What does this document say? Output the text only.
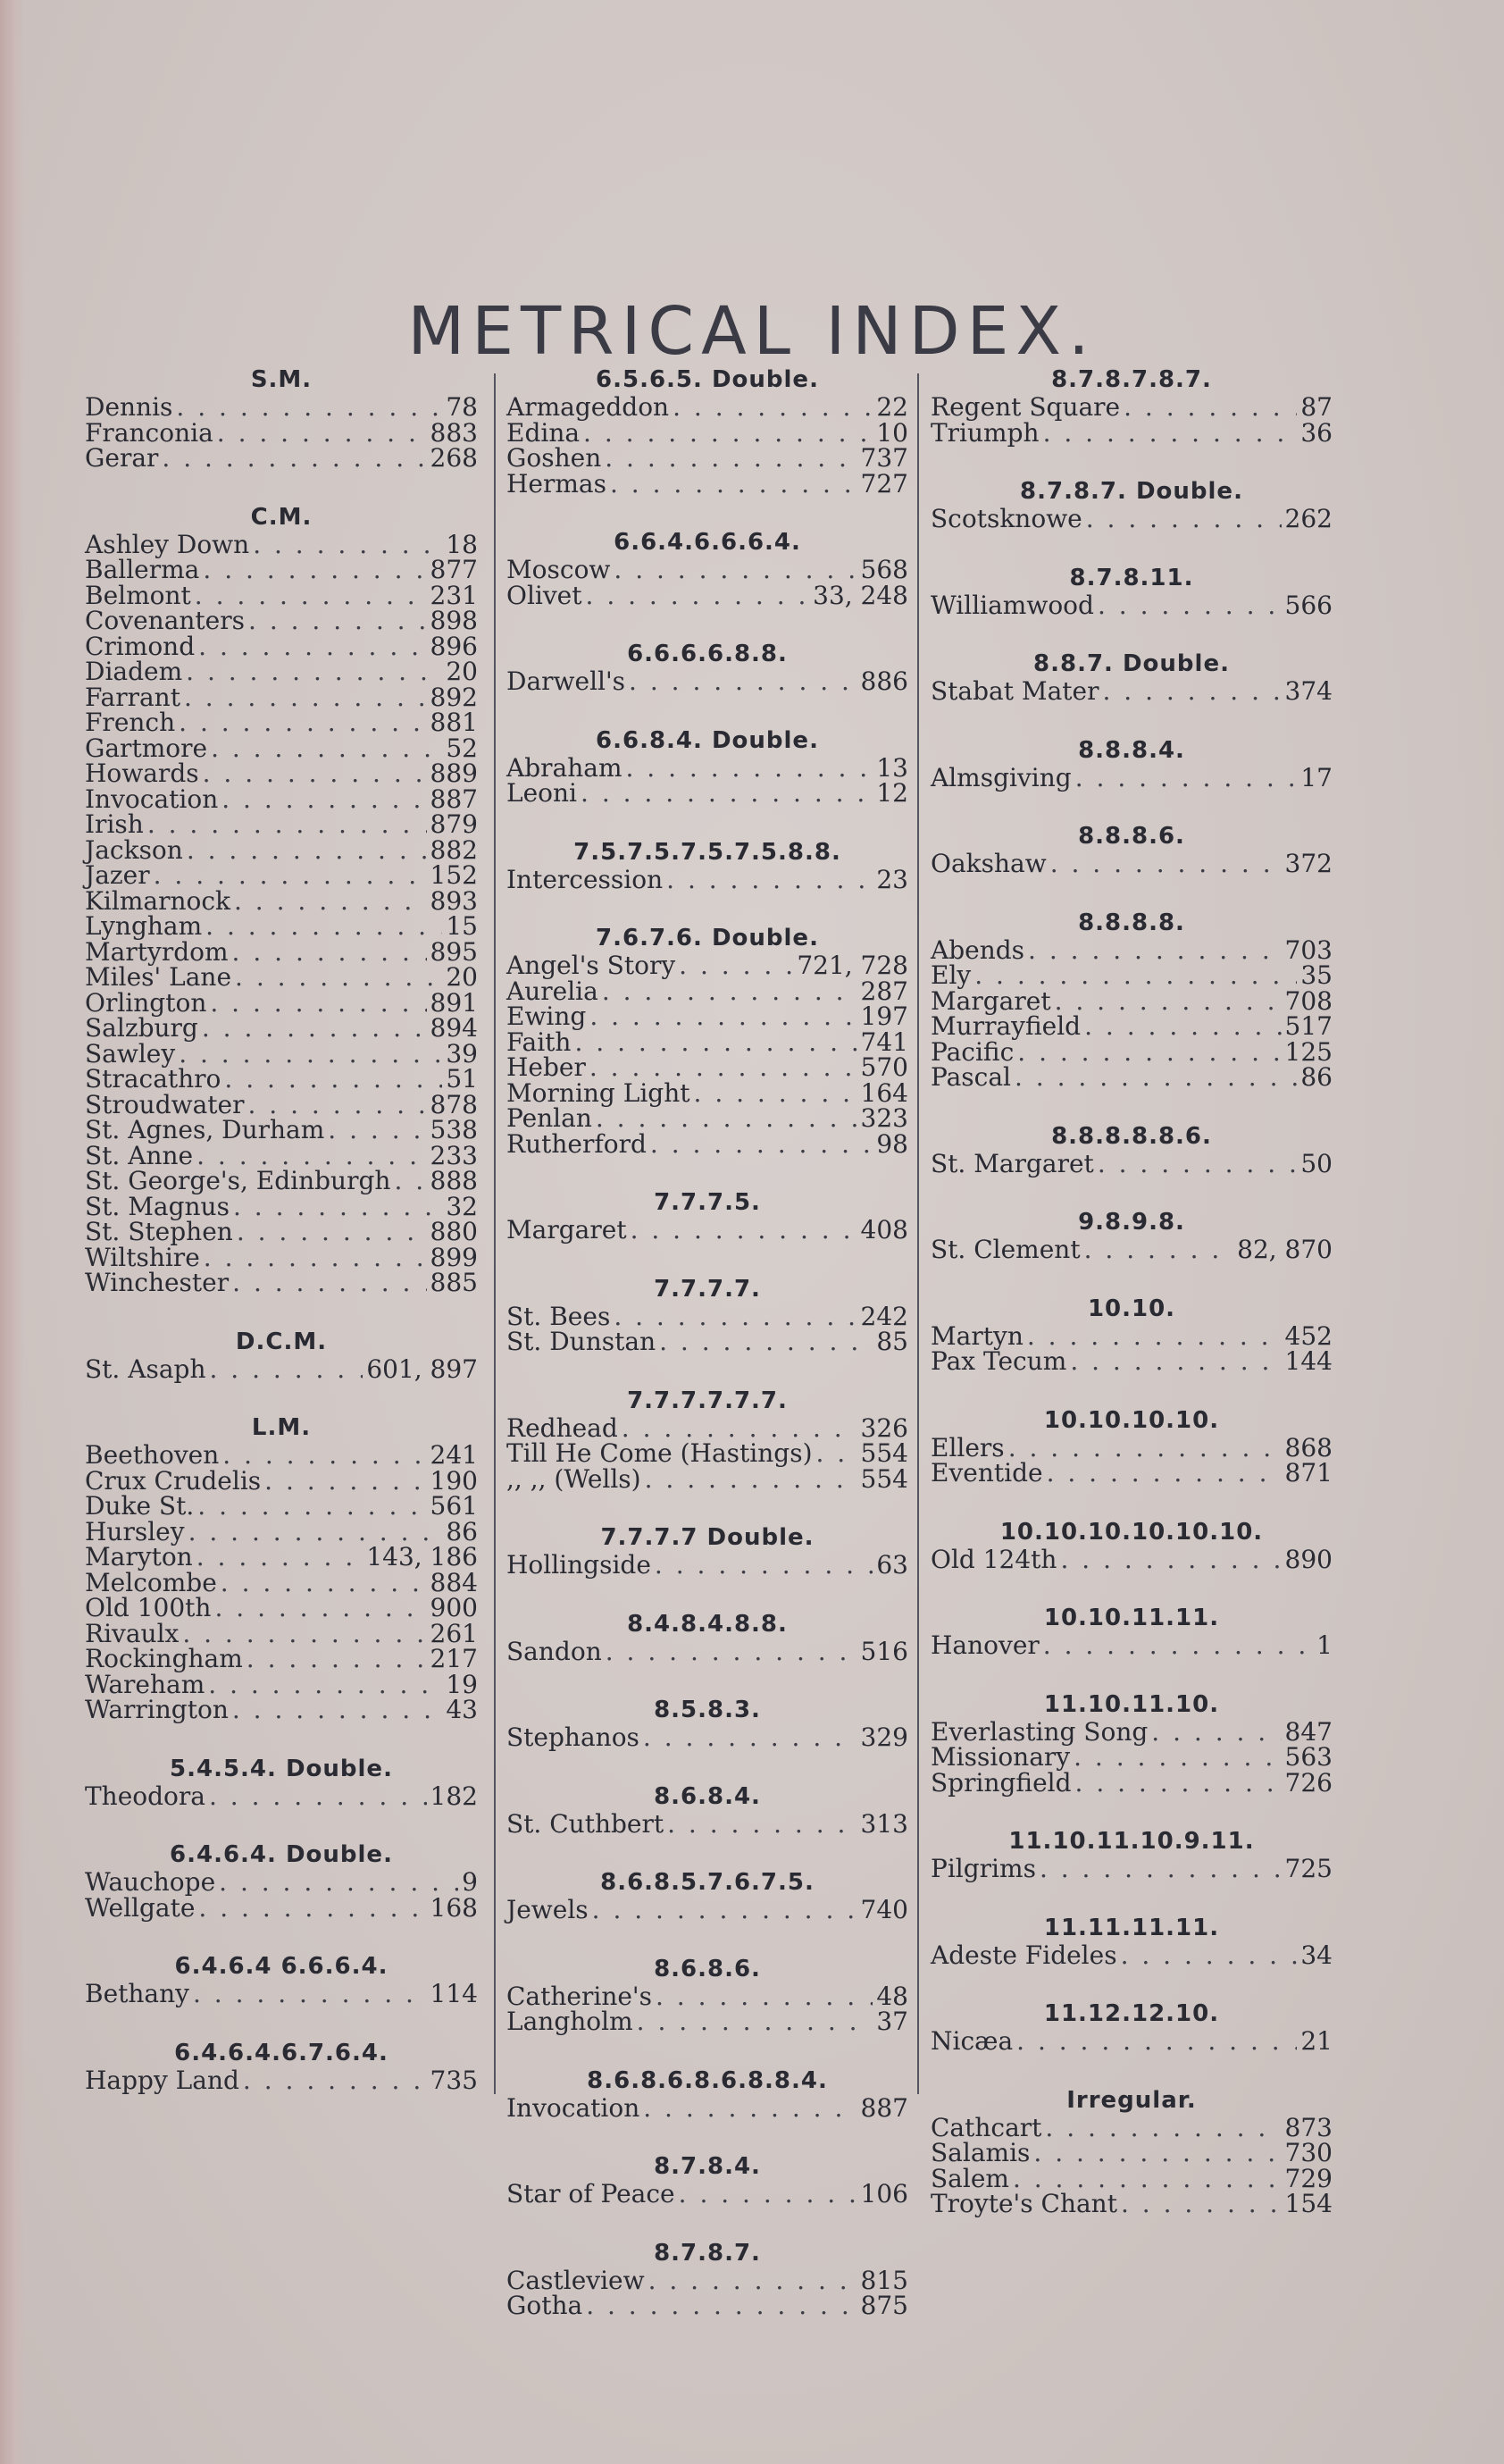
METRICAL INDEX.
S.M.
Dennis . . .	78
Franconia . . .	883
Gerar . . .	268
C.M.
Ashley Down . . .	18
Ballerma . . .	877
Belmont . . .	231
Covenanters . . .	898
Crimond . . .	896
Diadem . . .	20
Farrant . . .	892
French . . .	881
Gartmore . . .	52
Howards . . .	889
Invocation . . .	887
Irish . . .	879
Jackson . . .	882
Jazer . . .	152
Kilmarnock . . .	893
Lyngham . . .	15
Martyrdom . . .	895
Miles' Lane . . .	20
Orlington . . .	891
Salzburg . . .	894
Sawley . . .	39
Stracathro . . .	51
Stroudwater . . .	878
St. Agnes, Durham . . .	538
St. Anne . . .	233
St. George's, Edinburgh . . . 888
St. Magnus . . .	32
St. Stephen . . .	880
Wiltshire . . .	899
Winchester . . .	885
D.C.M.
St. Asaph . . .	601, 897
L.M.
Beethoven . . .	241
Crux Crudelis . . .	190
Duke St. . . .	561
Hursley . . .	86
Maryton . . .	143, 186
Melcombe . . .	884
Old 100th . . .	900
Rivaulx . . .	261
Rockingham . . .	217
Wareham . . .	19
Warrington . . .	43
5.4.5.4. Double.
Theodora . . .	182
6.4.6.4. Double.
Wauchope . . .	9
Wellgate . . .	168
6.4.6.4 6.6.6.4.
Bethany . . .	114
6.4.6.4.6.7.6.4.
Happy Land . . .	735
6.5.6.5. Double.
Armageddon . . .	22
Edina . . .	10
Goshen . . .	737
Hermas . . .	727
6.6.4.6.6.6.4.
Moscow . . .	568
Olivet . . .	33, 248
6.6.6.6.8.8.
Darwell's . . .	886
6.6.8.4. Double.
Abraham . . .	13
Leoni . . .	12
7.5.7.5.7.5.7.5.8.8.
Intercession . . .	23
7.6.7.6. Double.
Angel's Story . . .	721, 728
Aurelia . . .	287
Ewing . . .	197
Faith . . .	741
Heber . . .	570
Morning Light . . .	164
Penlan . . .	323
Rutherford . . .	98
7.7.7.5.
Margaret . . .	408
7.7.7.7.
St. Bees . . .	242
St. Dunstan . . .	85
7.7.7.7.7.7.
Redhead . . .	326
Till He Come (Hastings) . . . 554
,, ,, (Wells) . . .	554
7.7.7.7 Double.
Hollingside . . .	63
8.4.8.4.8.8.
Sandon . . .	516
8.5.8.3.
Stephanos . . .	329
8.6.8.4.
St. Cuthbert . . .	313
8.6.8.5.7.6.7.5.
Jewels . . .	740
8.6.8.6.
Catherine's . . .	48
Langholm . . .	37
8.6.8.6.8.6.8.8.4.
Invocation . . .	887
8.7.8.4.
Star of Peace . . .	106
8.7.8.7.
Castleview . . .	815
Gotha . . .	875
8.7.8.7.8.7.
Regent Square . . .	87
Triumph . . .	36
8.7.8.7. Double.
Scotsknowe . . .	262
8.7.8.11.
Williamwood . . .	566
8.8.7. Double.
Stabat Mater . . .	374
8.8.8.4.
Almsgiving . . .	17
8.8.8.6.
Oakshaw . . .	372
8.8.8.8.
Abends . . .	703
Ely . . .	35
Margaret . . .	708
Murrayfield . . .	517
Pacific . . .	125
Pascal . . .	86
8.8.8.8.8.6.
St. Margaret . . .	50
9.8.9.8.
St. Clement . . .	82, 870
10.10.
Martyn . . .	452
Pax Tecum . . .	144
10.10.10.10.
Ellers . . .	868
Eventide . . .	871
10.10.10.10.10.10.
Old 124th . . .	890
10.10.11.11.
Hanover . . .	1
11.10.11.10.
Everlasting Song . . .	847
Missionary . . .	563
Springfield . . .	726
11.10.11.10.9.11.
Pilgrims . . .	725
11.11.11.11.
Adeste Fideles . . .	34
11.12.12.10.
Nicæa . . .	21
Irregular.
Cathcart . . .	873
Salamis . . .	730
Salem . . .	729
Troyte's Chant . . .	154
